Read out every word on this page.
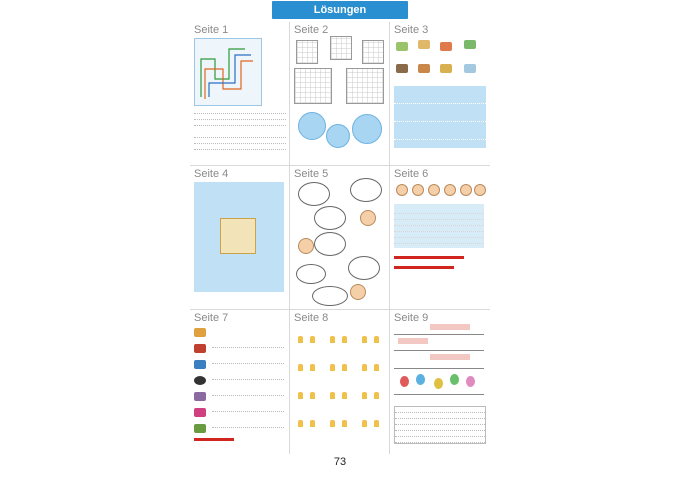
Lösungen
Seite 1	Seite 2	Seite 3
Seite 4	Seite 5	Seite 6
Seite 7	Seite 8	Seite 9
73
